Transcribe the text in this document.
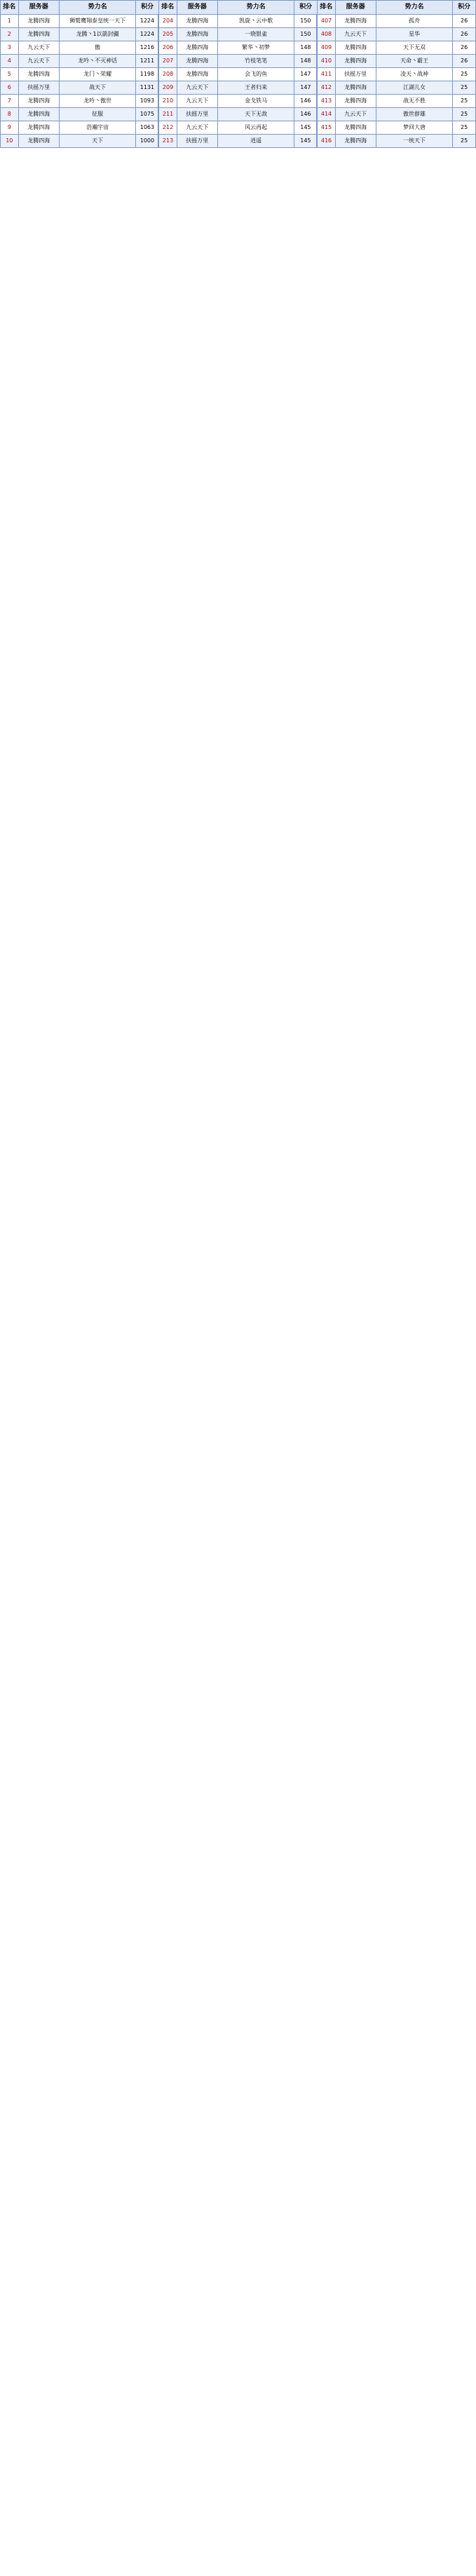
排名	服务器	势力名	积分	排名	服务器	势力名	积分	排名	服务器	势力名	积分
1	龙腾四海	狮鹫鹰翔泰皇统一天下	1224	204	龙腾四海	凯旋丶云中歌	150	407	龙腾四海	孤舟	26
2	龙腾四海	龙腾丶1以箭封疆	1224	205	龙腾四海	一晓银雀	150	408	九云天下	星华	26
3	九云天下	傲	1216	206	龙腾四海	繁华丶初梦	148	409	龙腾四海	天下无双	26
4	九云天下	龙吟丶不灭神话	1211	207	龙腾四海	竹枝笔笔	148	410	龙腾四海	天命丶霸王	26
5	龙腾四海	龙门丶荣耀	1198	208	龙腾四海	会飞的鱼	147	411	扶摇万里	凌天丶战神	25
6	扶摇万里	战天下	1131	209	九云天下	王者归来	147	412	龙腾四海	江湖儿女	25
7	龙腾四海	龙吟丶傲世	1093	210	九云天下	金戈铁马	146	413	龙腾四海	战无不胜	25
8	龙腾四海	征服	1075	211	扶摇万里	天下无敌	146	414	九云天下	傲世群雄	25
9	龙腾四海	浩瀚宇宙	1063	212	九云天下	风云再起	145	415	龙腾四海	梦回大唐	25
10	龙腾四海	天下	1000	213	扶摇万里	逍遥	145	416	龙腾四海	一统天下	25
